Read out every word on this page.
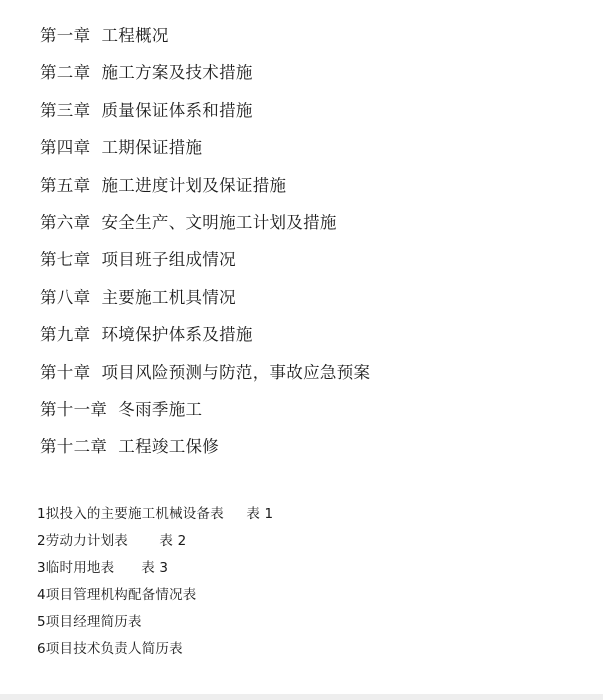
第一章  工程概况
第二章  施工方案及技术措施
第三章  质量保证体系和措施
第四章  工期保证措施
第五章  施工进度计划及保证措施
第六章  安全生产、文明施工计划及措施
第七章  项目班子组成情况
第八章  主要施工机具情况
第九章  环境保护体系及措施
第十章  项目风险预测与防范，事故应急预案
第十一章  冬雨季施工
第十二章  工程竣工保修
1拟投入的主要施工机械设备表     表 1
2劳动力计划表       表 2
3临时用地表      表 3
4项目管理机构配备情况表
5项目经理简历表
6项目技术负责人简历表
